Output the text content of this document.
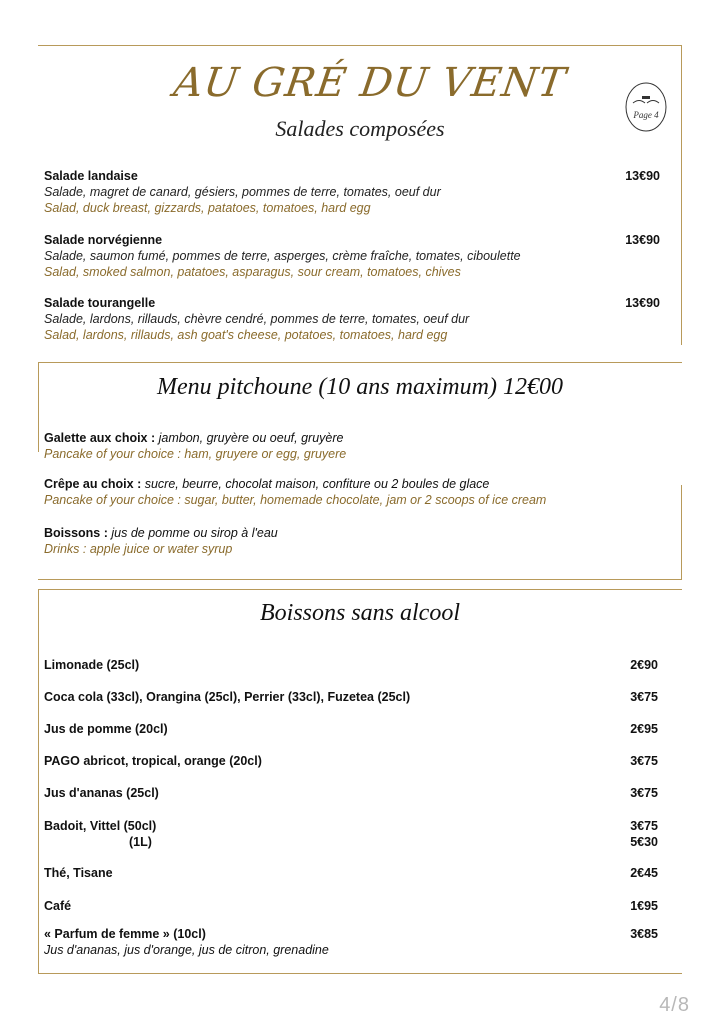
AU GRÉ DU VENT
Salades composées
Page 4
Salade landaise	13€90
Salade, magret de canard, gésiers, pommes de terre, tomates, oeuf dur
Salad, duck breast, gizzards, patatoes, tomatoes, hard egg
Salade norvégienne	13€90
Salade, saumon fumé, pommes de terre, asperges, crème fraîche, tomates, ciboulette
Salad, smoked salmon, patatoes, asparagus, sour cream, tomatoes, chives
Salade tourangelle	13€90
Salade, lardons, rillauds, chèvre cendré, pommes de terre, tomates, oeuf dur
Salad, lardons, rillauds, ash goat's cheese, potatoes, tomatoes, hard egg
Menu pitchoune (10 ans maximum) 12€00
Galette aux choix : jambon, gruyère ou oeuf, gruyère
Pancake of your choice : ham, gruyere or egg, gruyere
Crêpe au choix : sucre, beurre, chocolat maison, confiture ou 2 boules de glace
Pancake of your choice : sugar, butter, homemade chocolate, jam or 2 scoops of ice cream
Boissons : jus de pomme ou sirop à l'eau
Drinks : apple juice or water syrup
Boissons sans alcool
Limonade (25cl)	2€90
Coca cola (33cl), Orangina (25cl), Perrier (33cl), Fuzetea (25cl)	3€75
Jus de pomme (20cl)	2€95
PAGO abricot, tropical, orange (20cl)	3€75
Jus d'ananas (25cl)	3€75
Badoit, Vittel (50cl)	3€75
(1L)	5€30
Thé, Tisane	2€45
Café	1€95
« Parfum de femme » (10cl)	3€85
Jus d'ananas, jus d'orange, jus de citron, grenadine
4/8
